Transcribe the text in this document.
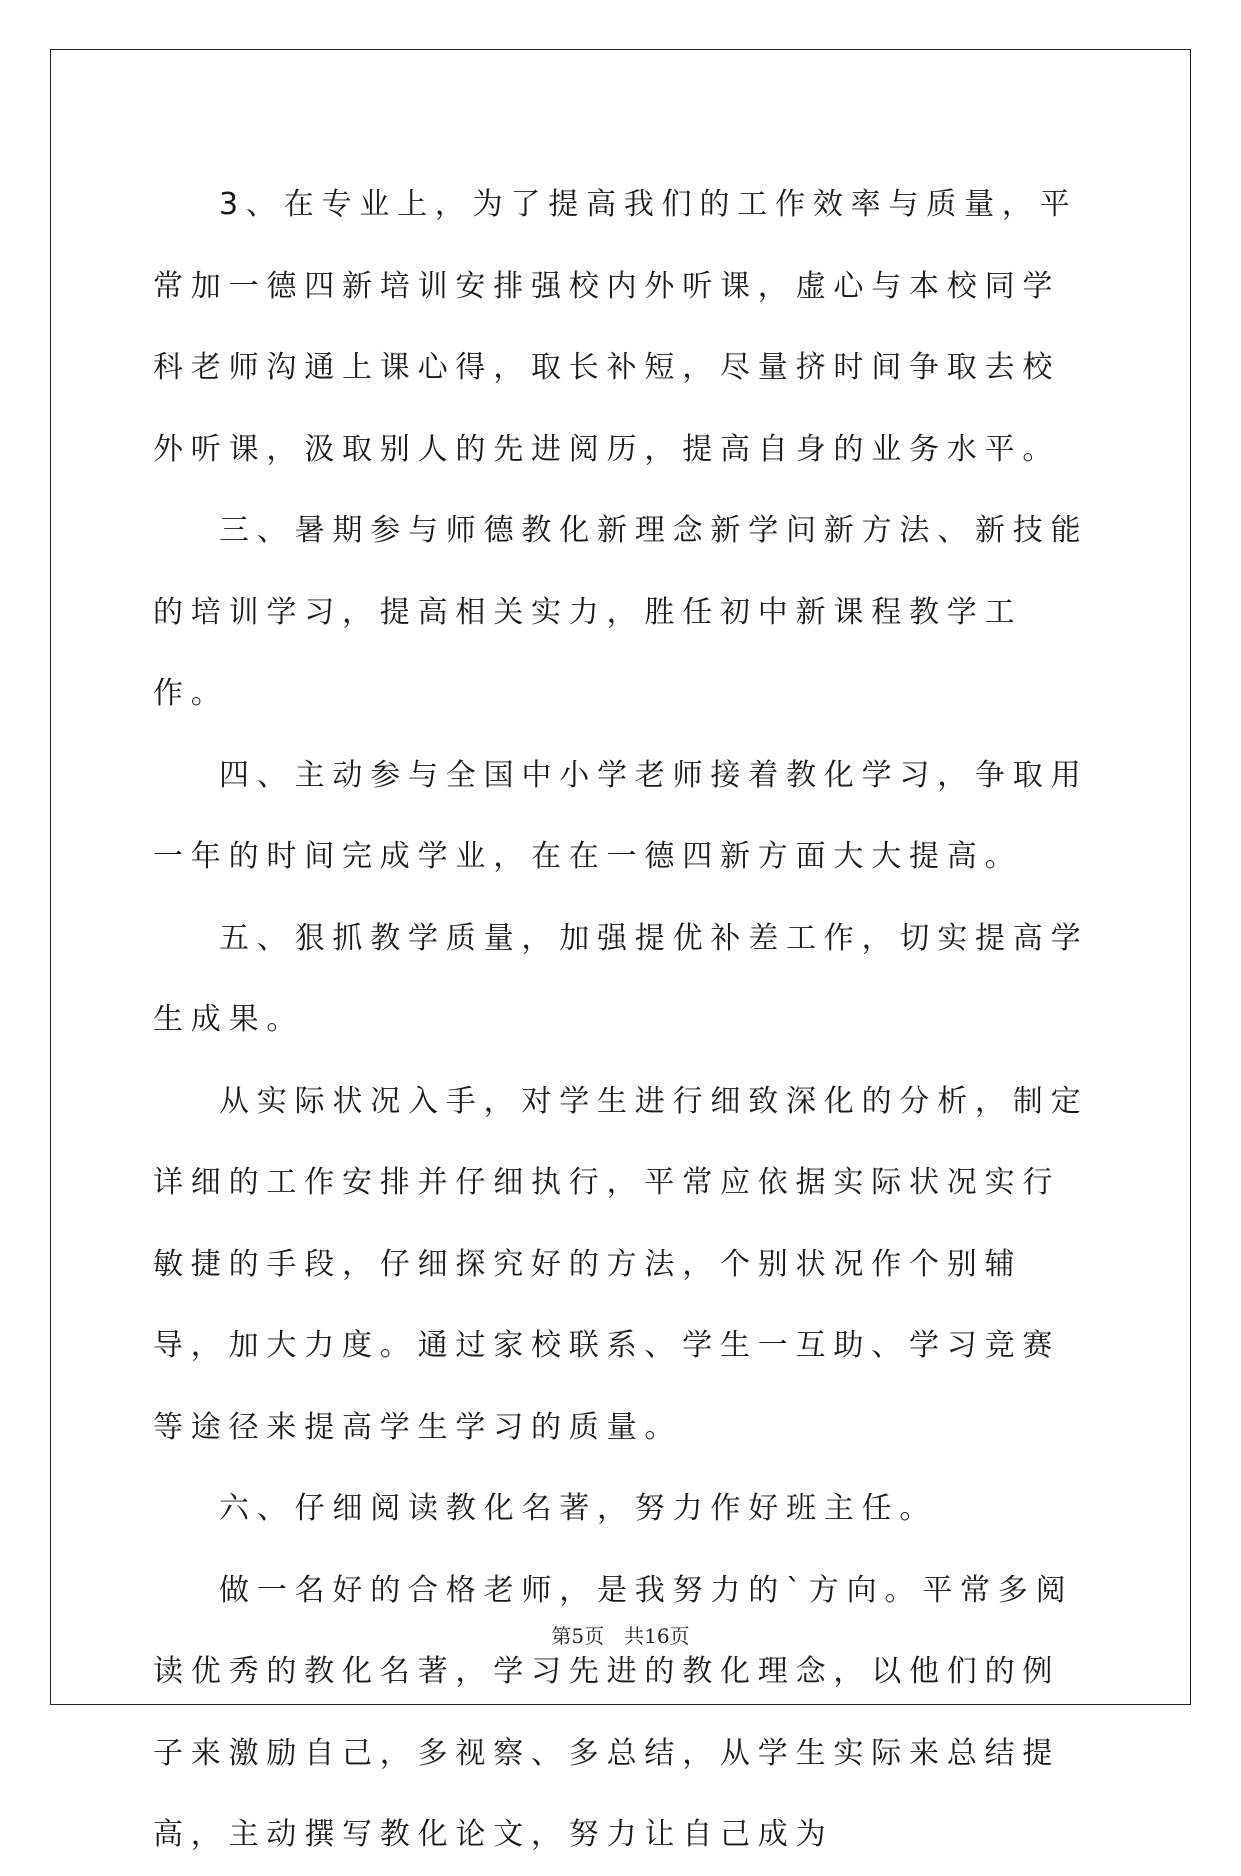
3、在专业上，为了提高我们的工作效率与质量，平常加一德四新培训安排强校内外听课，虚心与本校同学科老师沟通上课心得，取长补短，尽量挤时间争取去校外听课，汲取别人的先进阅历，提高自身的业务水平。

三、暑期参与师德教化新理念新学问新方法、新技能的培训学习，提高相关实力，胜任初中新课程教学工作。

四、主动参与全国中小学老师接着教化学习，争取用一年的时间完成学业，在在一德四新方面大大提高。

五、狠抓教学质量，加强提优补差工作，切实提高学生成果。

从实际状况入手，对学生进行细致深化的分析，制定详细的工作安排并仔细执行，平常应依据实际状况实行敏捷的手段，仔细探究好的方法，个别状况作个别辅导，加大力度。通过家校联系、学生一互助、学习竞赛等途径来提高学生学习的质量。

六、仔细阅读教化名著，努力作好班主任。

做一名好的合格老师，是我努力的`方向。平常多阅读优秀的教化名著，学习先进的教化理念，以他们的例子来激励自己，多视察、多总结，从学生实际来总结提高，主动撰写教化论文，努力让自己成为

第5页　共16页
